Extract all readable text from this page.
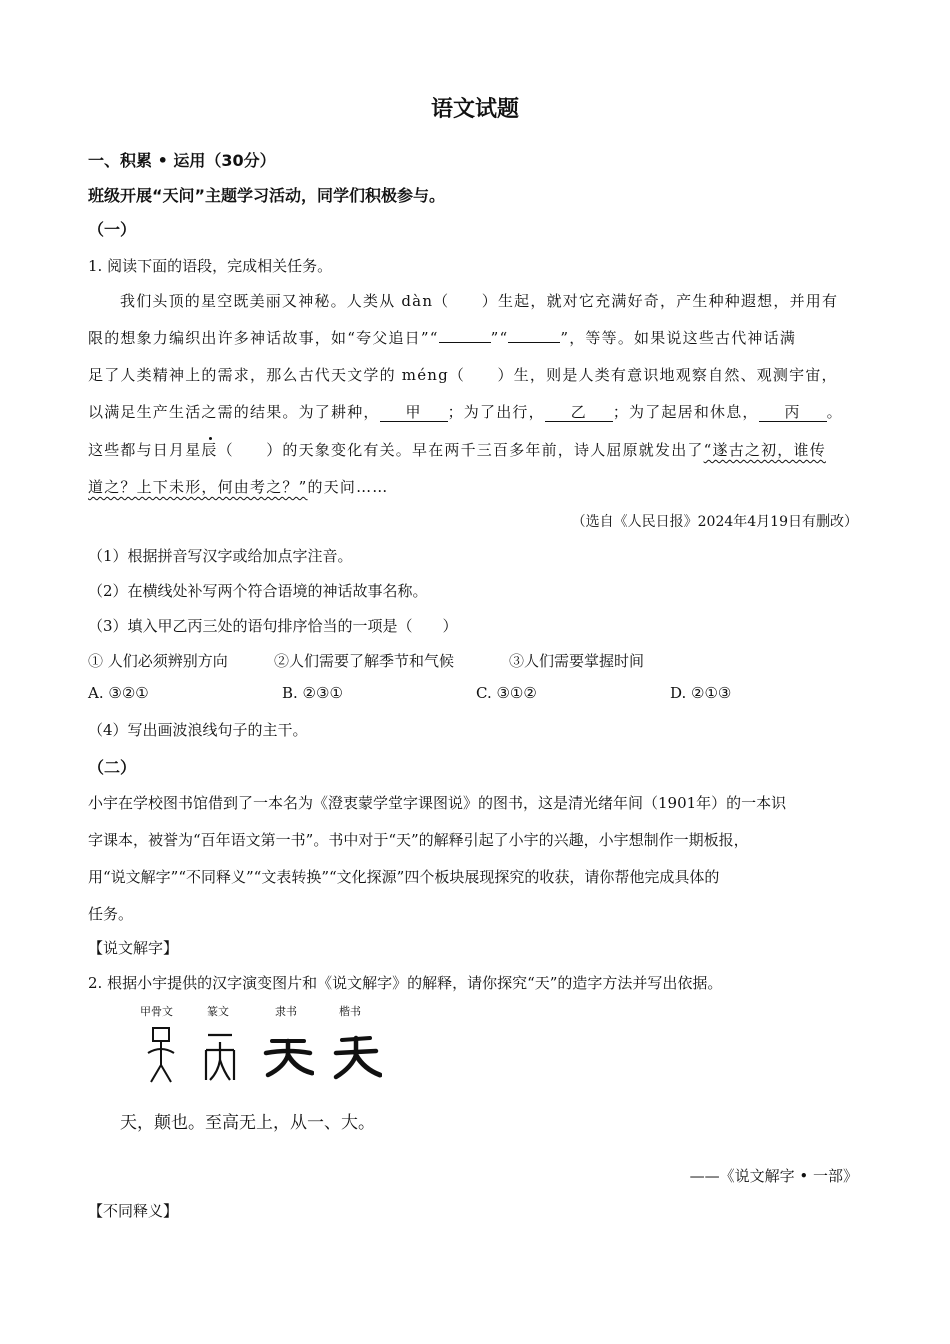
语文试题
一、积累 • 运用（30分）
班级开展“天问”主题学习活动，同学们积极参与。
（一）
1. 阅读下面的语段，完成相关任务。
我们头顶的星空既美丽又神秘。人类从 dàn（　　）生起，就对它充满好奇，产生种种遐想，并用有
限的想象力编织出许多神话故事，如“夸父追日”“	”“	”，等等。如果说这些古代神话满
足了人类精神上的需求，那么古代天文学的 méng（　　）生，则是人类有意识地观察自然、观测宇宙，
以满足生产生活之需的结果。为了耕种， 甲 ；为了出行， 乙 ；为了起居和休息， 丙 。
这些都与日月星辰（　　）的天象变化有关。早在两千三百多年前，诗人屈原就发出了“遂古之初，谁传
道之？上下未形，何由考之？”的天问……
（选自《人民日报》2024年4月19日有删改）
（1）根据拼音写汉字或给加点字注音。
（2）在横线处补写两个符合语境的神话故事名称。
（3）填入甲乙丙三处的语句排序恰当的一项是（　　）
① 人们必须辨别方向	②人们需要了解季节和气候	③人们需要掌握时间
A. ③②①	B. ②③①	C. ③①②	D. ②①③
（4）写出画波浪线句子的主干。
（二）
小宇在学校图书馆借到了一本名为《澄衷蒙学堂字课图说》的图书，这是清光绪年间（1901年）的一本识
字课本，被誉为“百年语文第一书”。书中对于“天”的解释引起了小宇的兴趣，小宇想制作一期板报，
用“说文解字”“不同释义”“文表转换”“文化探源”四个板块展现探究的收获，请你帮他完成具体的
任务。
【说文解字】
2. 根据小宇提供的汉字演变图片和《说文解字》的解释，请你探究“天”的造字方法并写出依据。
甲骨文	篆文	隶书	楷书
天，颠也。至高无上，从一、大。
——《说文解字 • 一部》
【不同释义】
